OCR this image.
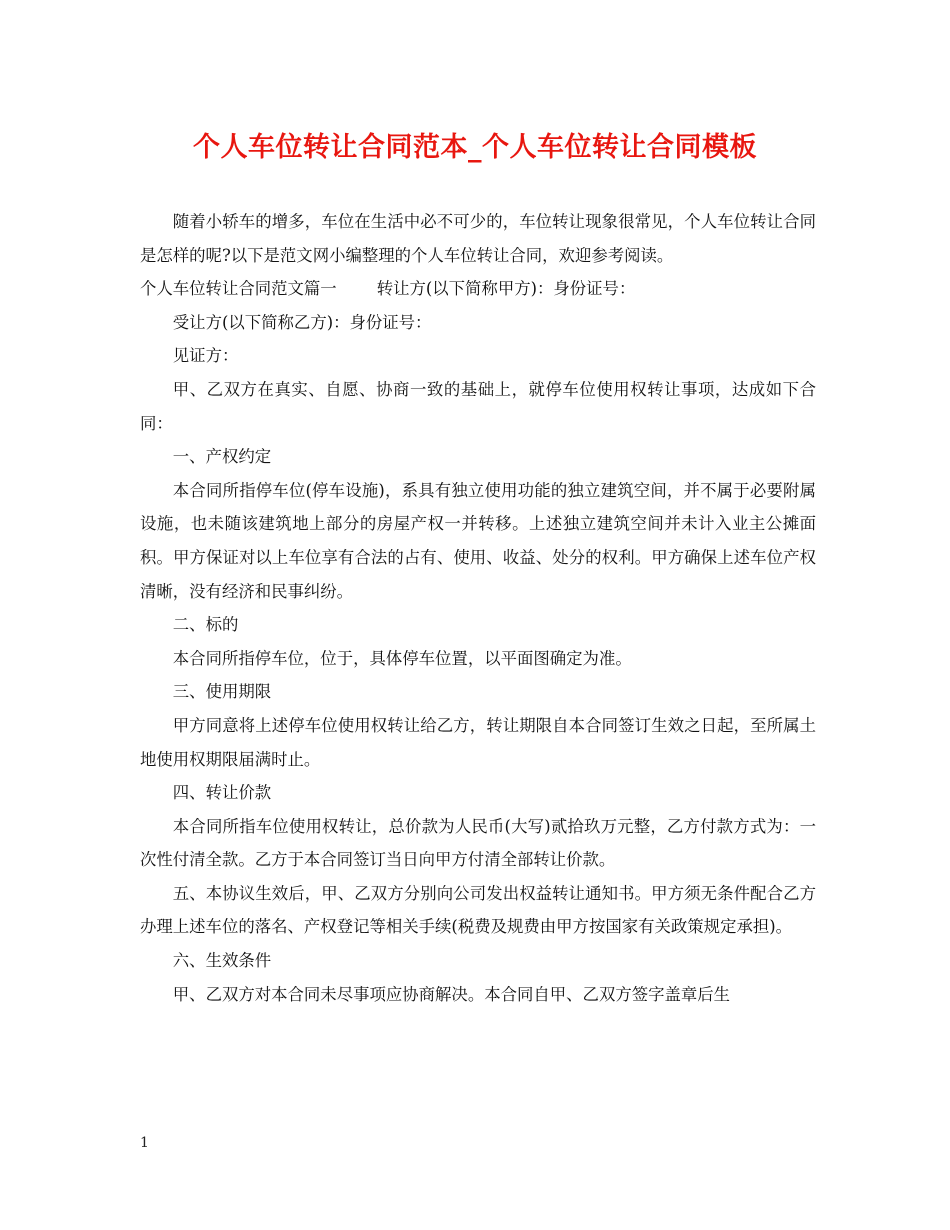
个人车位转让合同范本_个人车位转让合同模板

随着小轿车的增多，车位在生活中必不可少的，车位转让现象很常见，个人车位转让合同是怎样的呢?以下是范文网小编整理的个人车位转让合同，欢迎参考阅读。

个人车位转让合同范文篇一 转让方(以下简称甲方)：身份证号：

受让方(以下简称乙方)：身份证号：

见证方：

甲、乙双方在真实、自愿、协商一致的基础上，就停车位使用权转让事项，达成如下合同：

一、产权约定

本合同所指停车位(停车设施)，系具有独立使用功能的独立建筑空间，并不属于必要附属设施，也未随该建筑地上部分的房屋产权一并转移。上述独立建筑空间并未计入业主公摊面积。甲方保证对以上车位享有合法的占有、使用、收益、处分的权利。甲方确保上述车位产权清晰，没有经济和民事纠纷。

二、标的

本合同所指停车位，位于，具体停车位置，以平面图确定为准。

三、使用期限

甲方同意将上述停车位使用权转让给乙方，转让期限自本合同签订生效之日起，至所属土地使用权期限届满时止。

四、转让价款

本合同所指车位使用权转让，总价款为人民币(大写)贰拾玖万元整，乙方付款方式为：一次性付清全款。乙方于本合同签订当日向甲方付清全部转让价款。

五、本协议生效后，甲、乙双方分别向公司发出权益转让通知书。甲方须无条件配合乙方办理上述车位的落名、产权登记等相关手续(税费及规费由甲方按国家有关政策规定承担)。

六、生效条件

甲、乙双方对本合同未尽事项应协商解决。本合同自甲、乙双方签字盖章后生

1
